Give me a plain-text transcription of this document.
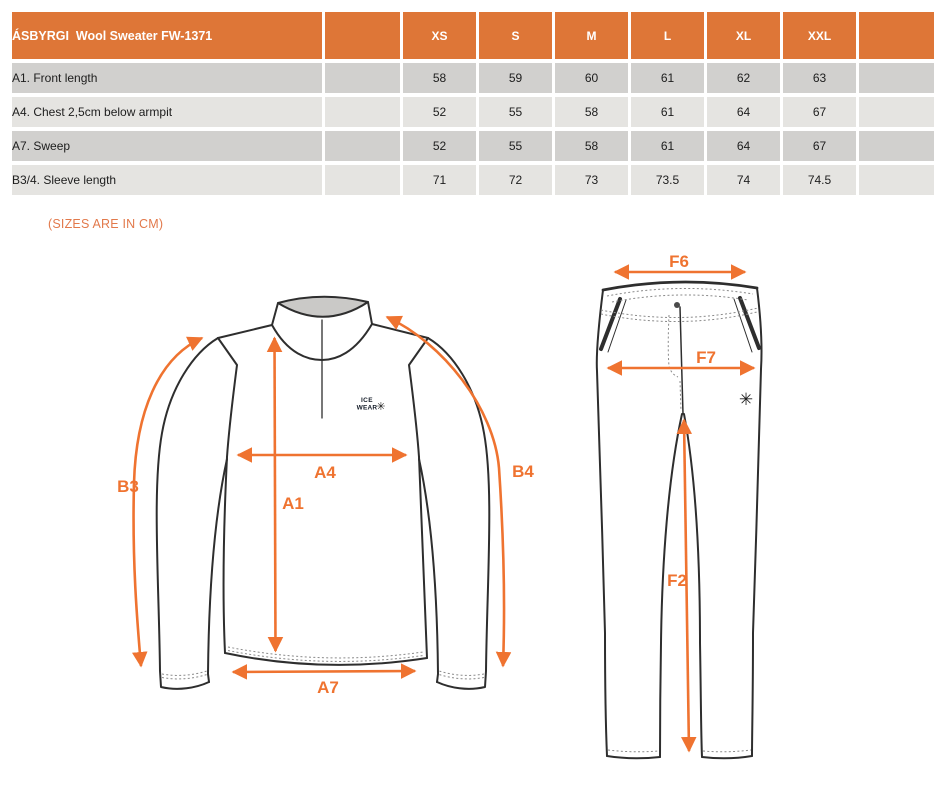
ÁSBYRGI  Wool Sweater FW-1371		XS	S	M	L	XL	XXL	
A1. Front length		58	59	60	61	62	63	
A4. Chest 2,5cm below armpit		52	55	58	61	64	67	
A7. Sweep		52	55	58	61	64	67	
B3/4. Sleeve length		71	72	73	73.5	74	74.5	
(SIZES ARE IN CM)
ICE
WEAR ✳
B3
A4
A1
B4
A7
✳
F6
F7
F2
